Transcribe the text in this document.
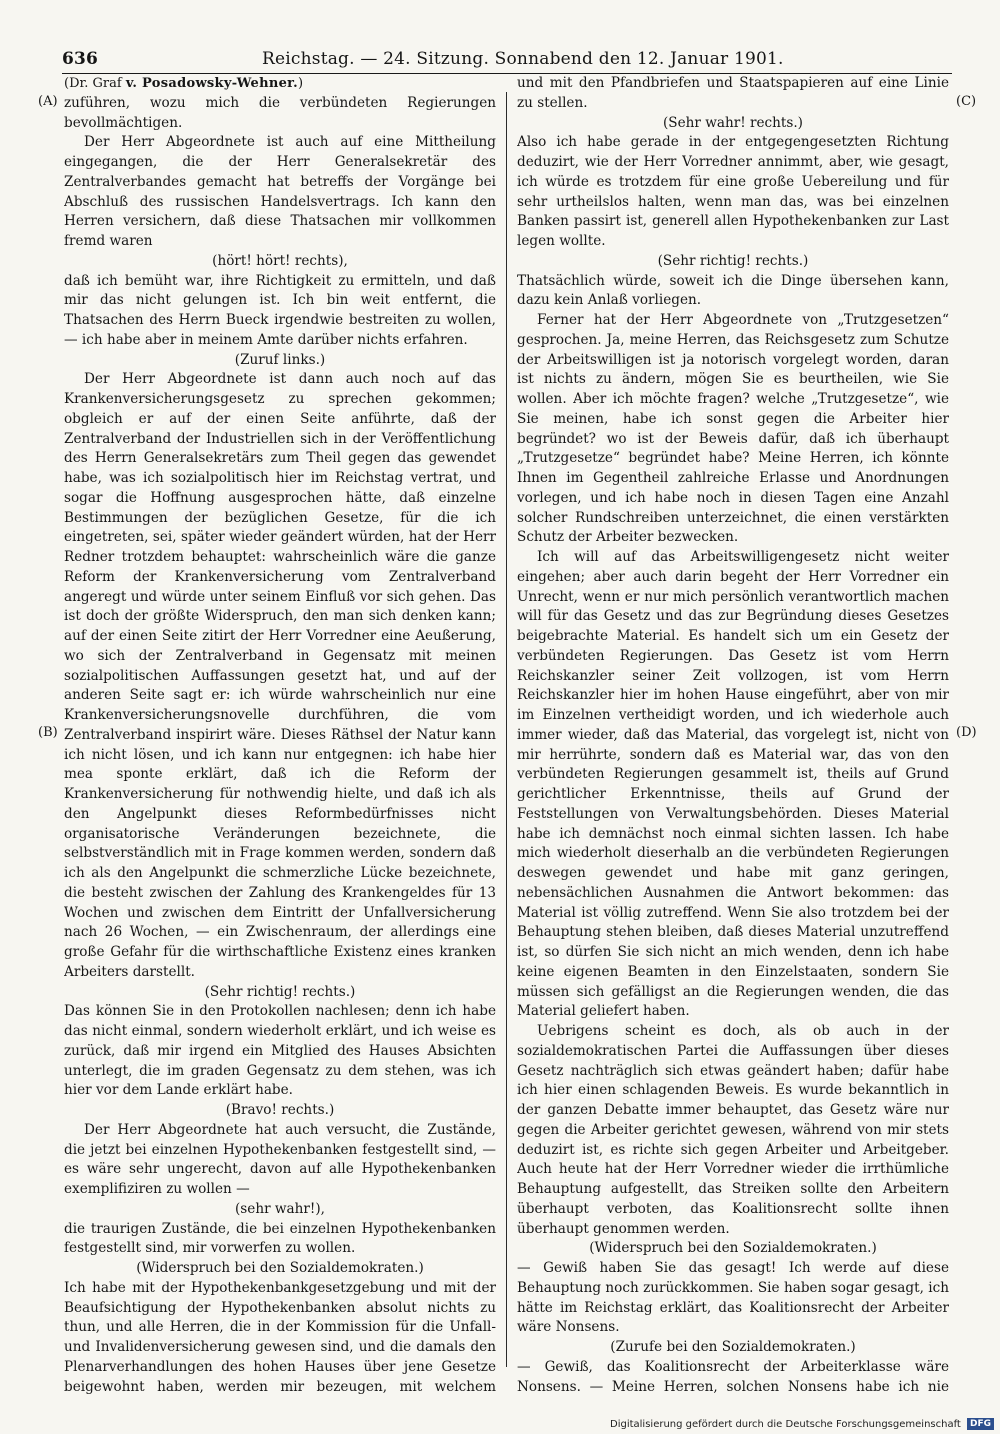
636	Reichstag. — 24. Sitzung. Sonnabend den 12. Januar 1901.
(A)
(B)
(C)
(D)

(Dr. Graf v. Posadowsky-Wehner.)

zuführen, wozu mich die verbündeten Regierungen bevollmächtigen.

Der Herr Abgeordnete ist auch auf eine Mittheilung eingegangen, die der Herr Generalsekretär des Zentralverbandes gemacht hat betreffs der Vorgänge bei Abschluß des russischen Handelsvertrags. Ich kann den Herren versichern, daß diese Thatsachen mir vollkommen fremd waren

(hört! hört! rechts),

daß ich bemüht war, ihre Richtigkeit zu ermitteln, und daß mir das nicht gelungen ist. Ich bin weit entfernt, die Thatsachen des Herrn Bueck irgendwie bestreiten zu wollen, — ich habe aber in meinem Amte darüber nichts erfahren.

(Zuruf links.)

Der Herr Abgeordnete ist dann auch noch auf das Krankenversicherungsgesetz zu sprechen gekommen; obgleich er auf der einen Seite anführte, daß der Zentralverband der Industriellen sich in der Veröffentlichung des Herrn Generalsekretärs zum Theil gegen das gewendet habe, was ich sozialpolitisch hier im Reichstag vertrat, und sogar die Hoffnung ausgesprochen hätte, daß einzelne Bestimmungen der bezüglichen Gesetze, für die ich eingetreten, sei, später wieder geändert würden, hat der Herr Redner trotzdem behauptet: wahrscheinlich wäre die ganze Reform der Krankenversicherung vom Zentralverband angeregt und würde unter seinem Einfluß vor sich gehen. Das ist doch der größte Widerspruch, den man sich denken kann; auf der einen Seite zitirt der Herr Vorredner eine Aeußerung, wo sich der Zentralverband in Gegensatz mit meinen sozialpolitischen Auffassungen gesetzt hat, und auf der anderen Seite sagt er: ich würde wahrscheinlich nur eine Krankenversicherungsnovelle durchführen, die vom Zentralverband inspirirt wäre. Dieses Räthsel der Natur kann ich nicht lösen, und ich kann nur entgegnen: ich habe hier mea sponte erklärt, daß ich die Reform der Krankenversicherung für nothwendig hielte, und daß ich als den Angelpunkt dieses Reformbedürfnisses nicht organisatorische Veränderungen bezeichnete, die selbstverständlich mit in Frage kommen werden, sondern daß ich als den Angelpunkt die schmerzliche Lücke bezeichnete, die besteht zwischen der Zahlung des Krankengeldes für 13 Wochen und zwischen dem Eintritt der Unfallversicherung nach 26 Wochen, — ein Zwischenraum, der allerdings eine große Gefahr für die wirthschaftliche Existenz eines kranken Arbeiters darstellt.

(Sehr richtig! rechts.)

Das können Sie in den Protokollen nachlesen; denn ich habe das nicht einmal, sondern wiederholt erklärt, und ich weise es zurück, daß mir irgend ein Mitglied des Hauses Absichten unterlegt, die im graden Gegensatz zu dem stehen, was ich hier vor dem Lande erklärt habe.

(Bravo! rechts.)

Der Herr Abgeordnete hat auch versucht, die Zustände, die jetzt bei einzelnen Hypothekenbanken festgestellt sind, — es wäre sehr ungerecht, davon auf alle Hypothekenbanken exemplifiziren zu wollen —

(sehr wahr!),

die traurigen Zustände, die bei einzelnen Hypothekenbanken festgestellt sind, mir vorwerfen zu wollen.

(Widerspruch bei den Sozialdemokraten.)

Ich habe mit der Hypothekenbankgesetzgebung und mit der Beaufsichtigung der Hypothekenbanken absolut nichts zu thun, und alle Herren, die in der Kommission für die Unfall- und Invalidenversicherung gewesen sind, und die damals den Plenarverhandlungen des hohen Hauses über jene Gesetze beigewohnt haben, werden mir bezeugen, mit welchem

und mit den Pfandbriefen und Staatspapieren auf eine Linie zu stellen.

(Sehr wahr! rechts.)

Also ich habe gerade in der entgegengesetzten Richtung deduzirt, wie der Herr Vorredner annimmt, aber, wie gesagt, ich würde es trotzdem für eine große Uebereilung und für sehr urtheilslos halten, wenn man das, was bei einzelnen Banken passirt ist, generell allen Hypothekenbanken zur Last legen wollte.

(Sehr richtig! rechts.)

Thatsächlich würde, soweit ich die Dinge übersehen kann, dazu kein Anlaß vorliegen.

Ferner hat der Herr Abgeordnete von „Trutzgesetzen“ gesprochen. Ja, meine Herren, das Reichsgesetz zum Schutze der Arbeitswilligen ist ja notorisch vorgelegt worden, daran ist nichts zu ändern, mögen Sie es beurtheilen, wie Sie wollen. Aber ich möchte fragen? welche „Trutzgesetze“, wie Sie meinen, habe ich sonst gegen die Arbeiter hier begründet? wo ist der Beweis dafür, daß ich überhaupt „Trutzgesetze“ begründet habe? Meine Herren, ich könnte Ihnen im Gegentheil zahlreiche Erlasse und Anordnungen vorlegen, und ich habe noch in diesen Tagen eine Anzahl solcher Rundschreiben unterzeichnet, die einen verstärkten Schutz der Arbeiter bezwecken.

Ich will auf das Arbeitswilligengesetz nicht weiter eingehen; aber auch darin begeht der Herr Vorredner ein Unrecht, wenn er nur mich persönlich verantwortlich machen will für das Gesetz und das zur Begründung dieses Gesetzes beigebrachte Material. Es handelt sich um ein Gesetz der verbündeten Regierungen. Das Gesetz ist vom Herrn Reichskanzler seiner Zeit vollzogen, ist vom Herrn Reichskanzler hier im hohen Hause eingeführt, aber von mir im Einzelnen vertheidigt worden, und ich wiederhole auch immer wieder, daß das Material, das vorgelegt ist, nicht von mir herrührte, sondern daß es Material war, das von den verbündeten Regierungen gesammelt ist, theils auf Grund gerichtlicher Erkenntnisse, theils auf Grund der Feststellungen von Verwaltungsbehörden. Dieses Material habe ich demnächst noch einmal sichten lassen. Ich habe mich wiederholt dieserhalb an die verbündeten Regierungen deswegen gewendet und habe mit ganz geringen, nebensächlichen Ausnahmen die Antwort bekommen: das Material ist völlig zutreffend. Wenn Sie also trotzdem bei der Behauptung stehen bleiben, daß dieses Material unzutreffend ist, so dürfen Sie sich nicht an mich wenden, denn ich habe keine eigenen Beamten in den Einzelstaaten, sondern Sie müssen sich gefälligst an die Regierungen wenden, die das Material geliefert haben.

Uebrigens scheint es doch, als ob auch in der sozialdemokratischen Partei die Auffassungen über dieses Gesetz nachträglich sich etwas geändert haben; dafür habe ich hier einen schlagenden Beweis. Es wurde bekanntlich in der ganzen Debatte immer behauptet, das Gesetz wäre nur gegen die Arbeiter gerichtet gewesen, während von mir stets deduzirt ist, es richte sich gegen Arbeiter und Arbeitgeber. Auch heute hat der Herr Vorredner wieder die irrthümliche Behauptung aufgestellt, das Streiken sollte den Arbeitern überhaupt verboten, das Koalitionsrecht sollte ihnen überhaupt genommen werden.

(Widerspruch bei den Sozialdemokraten.)

— Gewiß haben Sie das gesagt! Ich werde auf diese Behauptung noch zurückkommen. Sie haben sogar gesagt, ich hätte im Reichstag erklärt, das Koalitionsrecht der Arbeiter wäre Nonsens.

(Zurufe bei den Sozialdemokraten.)

— Gewiß, das Koalitionsrecht der Arbeiterklasse wäre Nonsens. — Meine Herren, solchen Nonsens habe ich nie

Digitalisierung gefördert durch die Deutsche Forschungsgemeinschaft DFG
